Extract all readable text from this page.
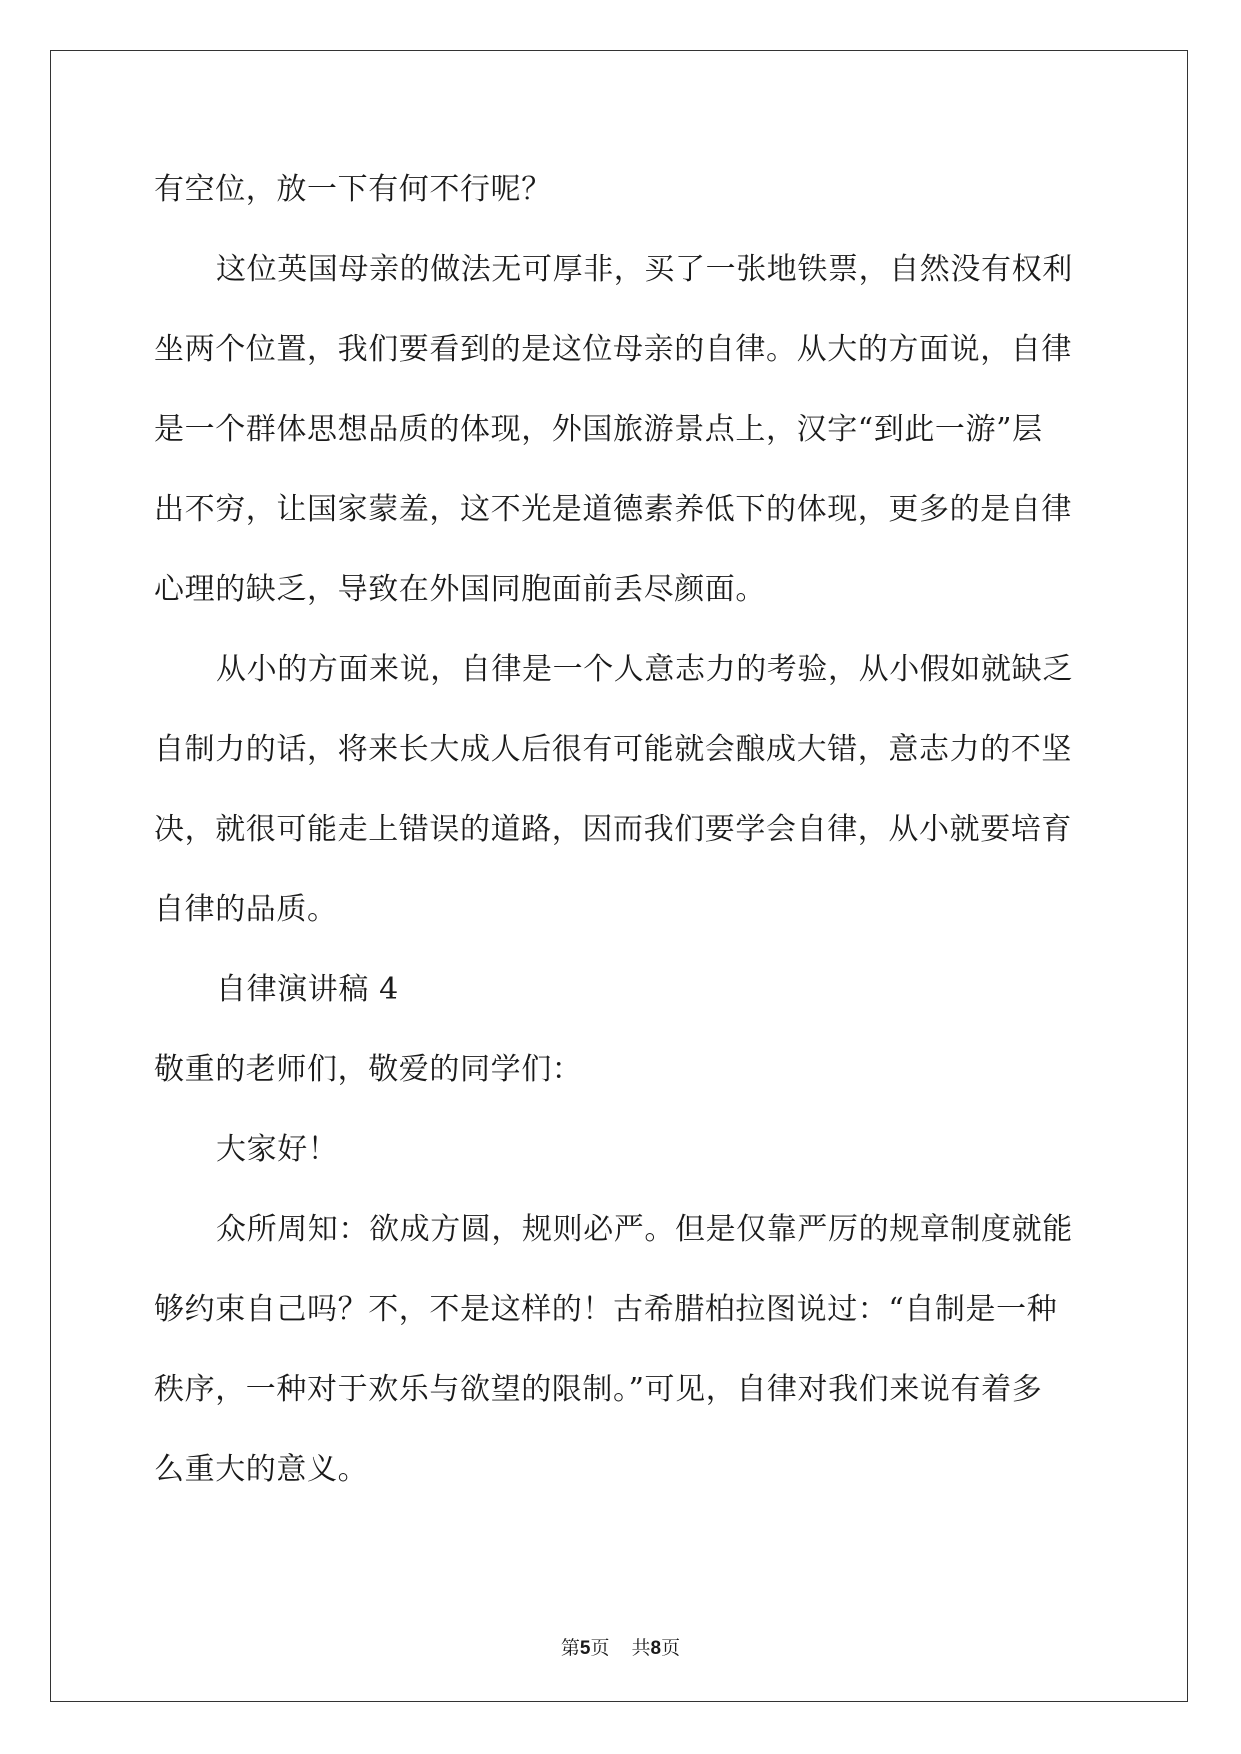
有空位，放一下有何不行呢？
这位英国母亲的做法无可厚非，买了一张地铁票，自然没有权利
坐两个位置，我们要看到的是这位母亲的自律。从大的方面说，自律
是一个群体思想品质的体现，外国旅游景点上，汉字“到此一游”层
出不穷，让国家蒙羞，这不光是道德素养低下的体现，更多的是自律
心理的缺乏，导致在外国同胞面前丢尽颜面。
从小的方面来说，自律是一个人意志力的考验，从小假如就缺乏
自制力的话，将来长大成人后很有可能就会酿成大错，意志力的不坚
决，就很可能走上错误的道路，因而我们要学会自律，从小就要培育
自律的品质。
自律演讲稿 4
敬重的老师们，敬爱的同学们：
大家好！
众所周知：欲成方圆，规则必严。但是仅靠严厉的规章制度就能
够约束自己吗？不，不是这样的！古希腊柏拉图说过：“自制是一种
秩序，一种对于欢乐与欲望的限制。”可见，自律对我们来说有着多
么重大的意义。
第5页 共8页
